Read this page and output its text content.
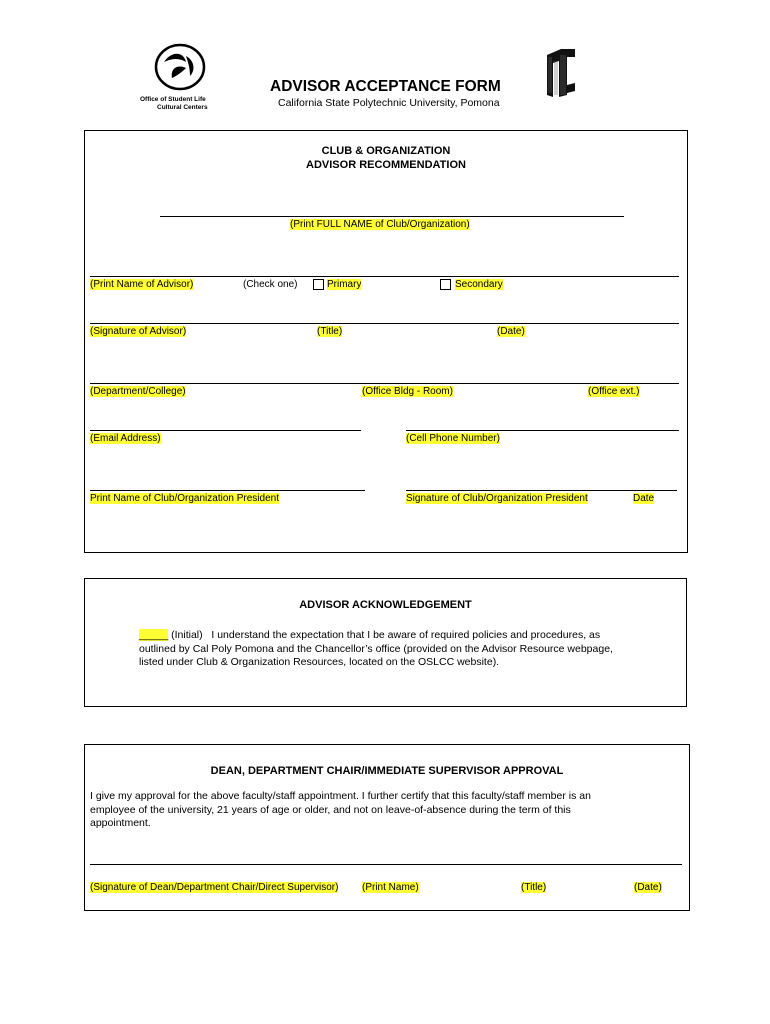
Office of Student Life
Cultural Centers
ADVISOR ACCEPTANCE FORM
California State Polytechnic University, Pomona
CLUB & ORGANIZATION
ADVISOR RECOMMENDATION
(Print FULL NAME of Club/Organization)
(Print Name of Advisor)	(Check one)	Primary	Secondary
(Signature of Advisor)	(Title)	(Date)
(Department/College)	(Office Bldg - Room)	(Office ext.)
(Email Address)	(Cell Phone Number)
Print Name of Club/Organization President	Signature of Club/Organization President	Date
ADVISOR ACKNOWLEDGEMENT
_____ (Initial)   I understand the expectation that I be aware of required policies and procedures, as
outlined by Cal Poly Pomona and the Chancellor’s office (provided on the Advisor Resource webpage,
listed under Club & Organization Resources, located on the OSLCC website).
DEAN, DEPARTMENT CHAIR/IMMEDIATE SUPERVISOR APPROVAL
I give my approval for the above faculty/staff appointment. I further certify that this faculty/staff member is an
employee of the university, 21 years of age or older, and not on leave-of-absence during the term of this
appointment.
(Signature of Dean/Department Chair/Direct Supervisor) (Print Name)	(Title)	(Date)
